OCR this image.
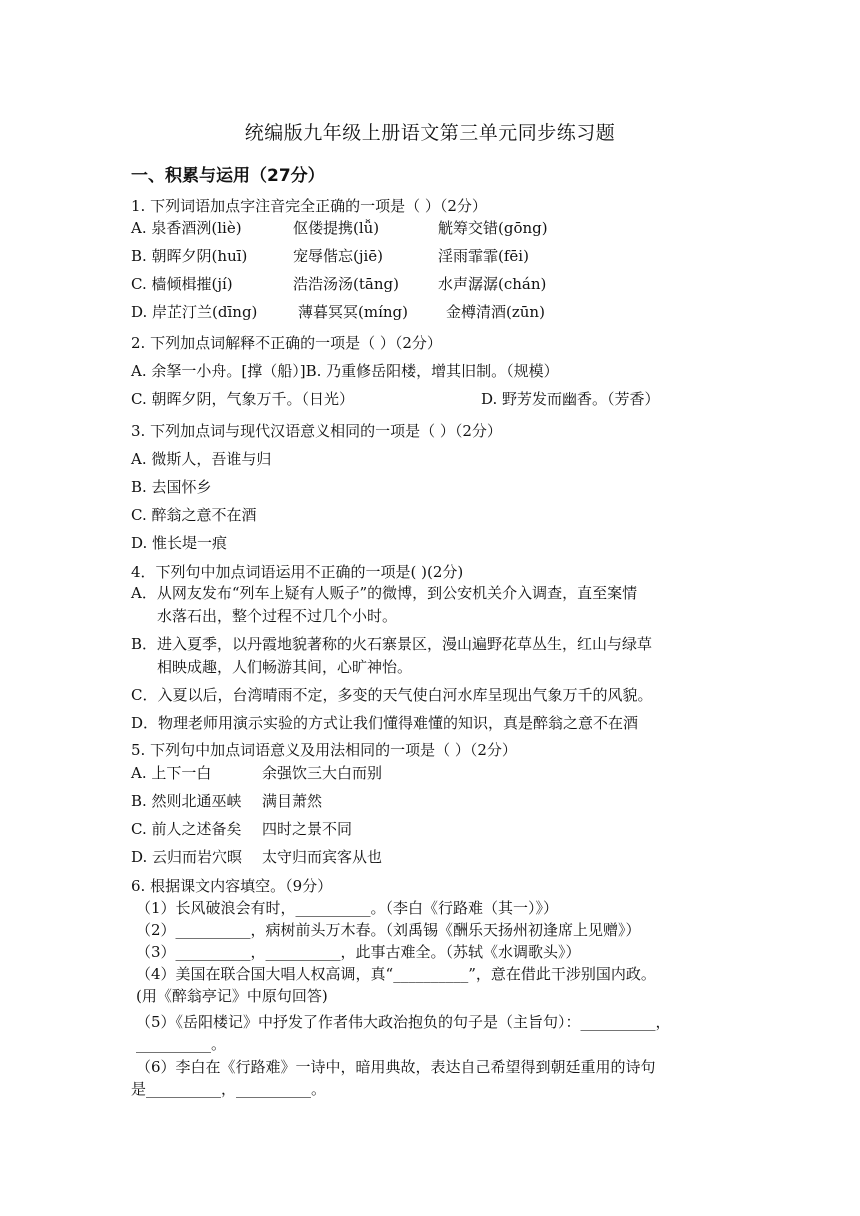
统编版九年级上册语文第三单元同步练习题
一、积累与运用（27分）
1. 下列词语加点字注音完全正确的一项是（ ）（2分）
A. 泉香酒洌(liè)	伛偻提携(lǚ)	觥筹交错(gōng)
B. 朝晖夕阴(huī)	宠辱偕忘(jiē)	淫雨霏霏(fēi)
C. 樯倾楫摧(jí)	浩浩汤汤(tāng)	水声潺潺(chán)
D. 岸芷汀兰(dīng)	薄暮冥冥(míng)	金樽清酒(zūn)
2. 下列加点词解释不正确的一项是（ ）（2分）
A. 余拏一小舟。[撑（船）]B. 乃重修岳阳楼，增其旧制。（规模）
C. 朝晖夕阴，气象万千。（日光）	D. 野芳发而幽香。（芳香）
3. 下列加点词与现代汉语意义相同的一项是（ ）（2分）
A. 微斯人，吾谁与归
B. 去国怀乡
C. 醉翁之意不在酒
D. 惟长堤一痕
4．下列句中加点词语运用不正确的一项是( )(2分)
A．从网友发布“列车上疑有人贩子”的微博，到公安机关介入调查，直至案情
水落石出，整个过程不过几个小时。
B．进入夏季，以丹霞地貌著称的火石寨景区，漫山遍野花草丛生，红山与绿草
相映成趣，人们畅游其间，心旷神怡。
C．入夏以后，台湾晴雨不定，多变的天气使白河水库呈现出气象万千的风貌。
D．物理老师用演示实验的方式让我们懂得难懂的知识，真是醉翁之意不在酒
5. 下列句中加点词语意义及用法相同的一项是（ ）（2分）
A. 上下一白	余强饮三大白而别
B. 然则北通巫峡 满目萧然
C. 前人之述备矣 四时之景不同
D. 云归而岩穴暝 太守归而宾客从也
6. 根据课文内容填空。（9分）
（1）长风破浪会有时，__________。（李白《行路难（其一）》）
（2）__________，病树前头万木春。（刘禹锡《酬乐天扬州初逢席上见赠》）
（3）__________，__________，此事古难全。（苏轼《水调歌头》）
（4）美国在联合国大唱人权高调，真“__________”，意在借此干涉别国内政。
(用《醉翁亭记》中原句回答)
（5）《岳阳楼记》中抒发了作者伟大政治抱负的句子是（主旨句）：__________，
__________。
（6）李白在《行路难》一诗中，暗用典故，表达自己希望得到朝廷重用的诗句
是__________，__________。
